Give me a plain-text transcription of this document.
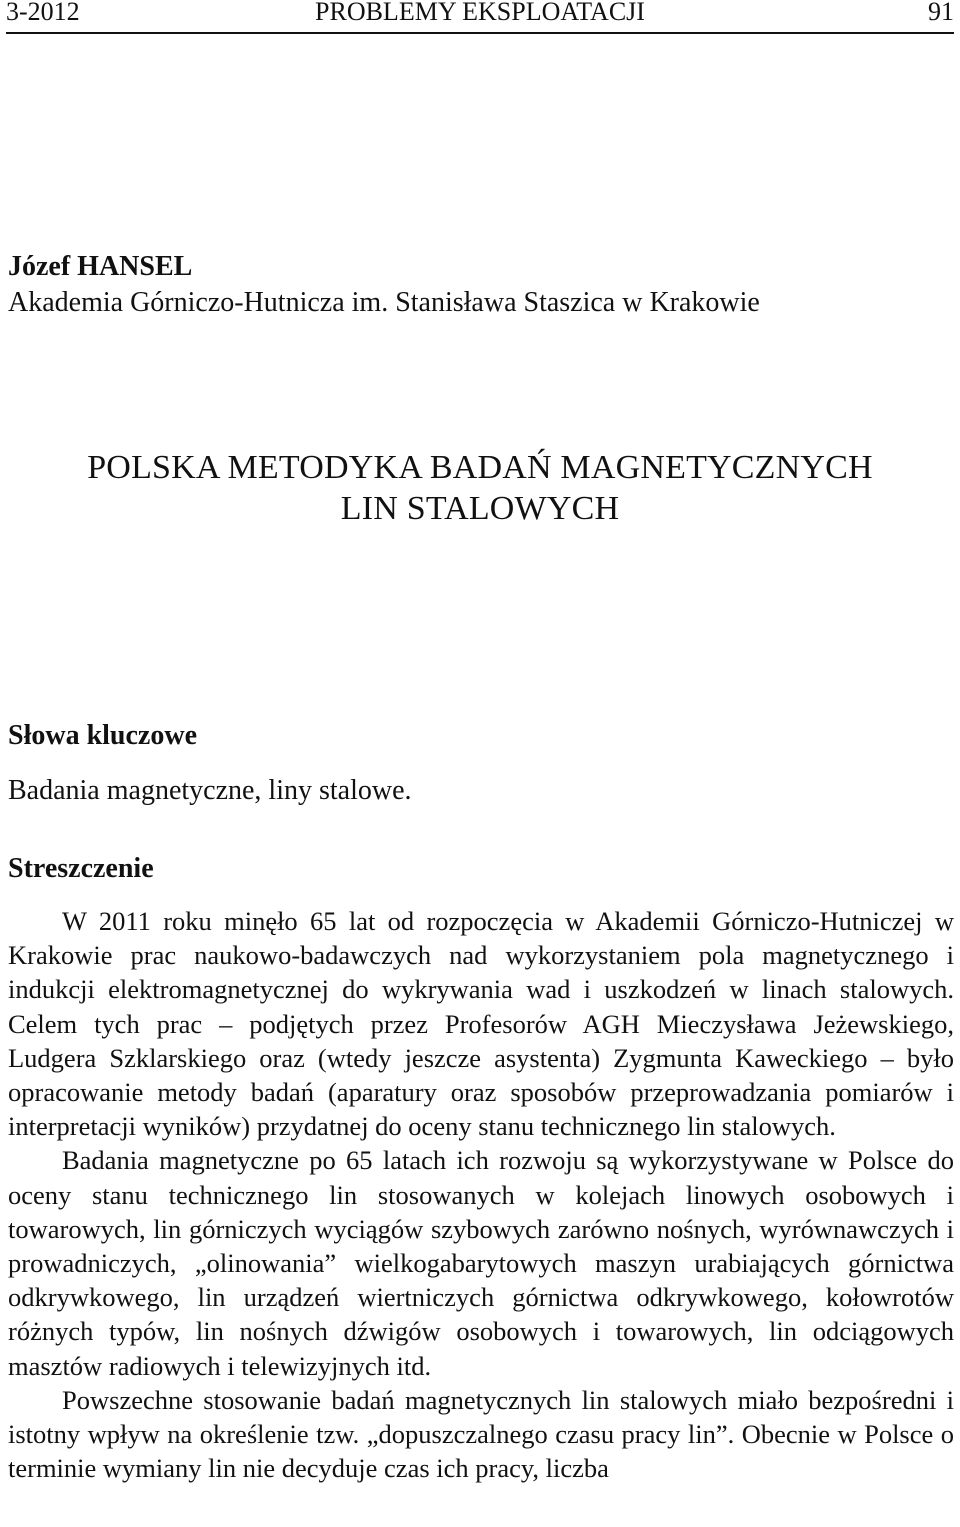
3-2012	PROBLEMY EKSPLOATACJI	91
Józef HANSEL
Akademia Górniczo-Hutnicza im. Stanisława Staszica w Krakowie
POLSKA METODYKA BADAŃ MAGNETYCZNYCH
LIN STALOWYCH
Słowa kluczowe
Badania magnetyczne, liny stalowe.
Streszczenie

W 2011 roku minęło 65 lat od rozpoczęcia w Akademii Górniczo-Hutniczej w Krakowie prac naukowo-badawczych nad wykorzystaniem pola magnetycznego i indukcji elektromagnetycznej do wykrywania wad i uszkodzeń w linach stalowych. Celem tych prac – podjętych przez Profesorów AGH Mieczysława Jeżewskiego, Ludgera Szklarskiego oraz (wtedy jeszcze asystenta) Zygmunta Kaweckiego – było opracowanie metody badań (aparatury oraz sposobów przeprowadzania pomiarów i interpretacji wyników) przydatnej do oceny stanu technicznego lin stalowych.

Badania magnetyczne po 65 latach ich rozwoju są wykorzystywane w Polsce do oceny stanu technicznego lin stosowanych w kolejach linowych osobowych i towarowych, lin górniczych wyciągów szybowych zarówno nośnych, wyrównawczych i prowadniczych, „olinowania” wielkogabarytowych maszyn urabiających górnictwa odkrywkowego, lin urządzeń wiertniczych górnictwa odkrywkowego, kołowrotów różnych typów, lin nośnych dźwigów osobowych i towarowych, lin odciągowych masztów radiowych i telewizyjnych itd.

Powszechne stosowanie badań magnetycznych lin stalowych miało bezpośredni i istotny wpływ na określenie tzw. „dopuszczalnego czasu pracy lin”. Obecnie w Polsce o terminie wymiany lin nie decyduje czas ich pracy, liczba
